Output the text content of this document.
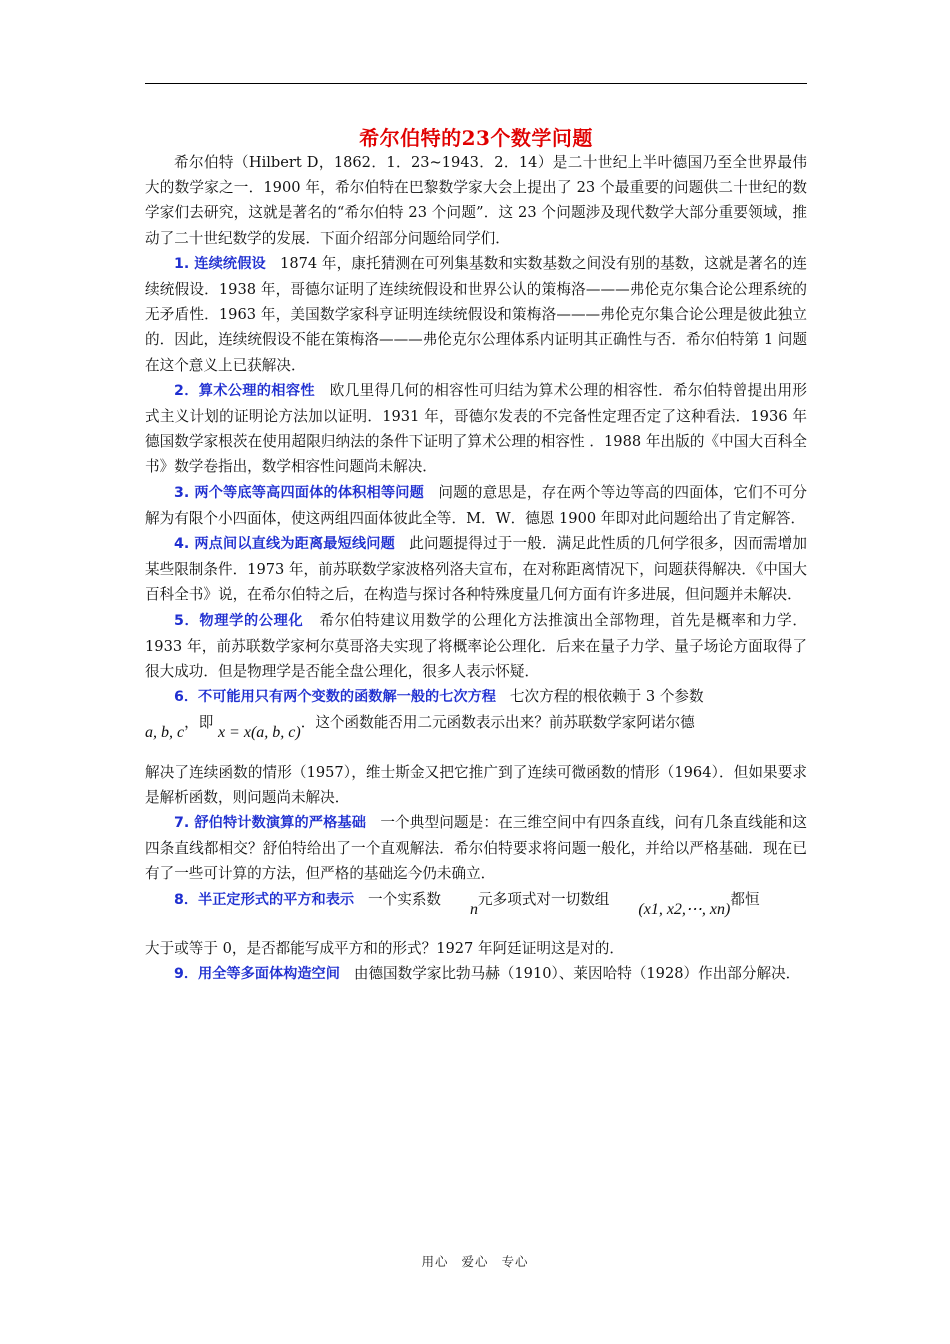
希尔伯特的23个数学问题

希尔伯特（Hilbert D，1862．1．23~1943．2．14）是二十世纪上半叶德国乃至全世界最伟大的数学家之一．1900 年，希尔伯特在巴黎数学家大会上提出了 23 个最重要的问题供二十世纪的数学家们去研究，这就是著名的“希尔伯特 23 个问题”．这 23 个问题涉及现代数学大部分重要领域，推动了二十世纪数学的发展．下面介绍部分问题给同学们．

1. 连续统假设 1874 年，康托猜测在可列集基数和实数基数之间没有别的基数，这就是著名的连续统假设．1938 年，哥德尔证明了连续统假设和世界公认的策梅洛———弗伦克尔集合论公理系统的无矛盾性．1963 年，美国数学家科亨证明连续统假设和策梅洛———弗伦克尔集合论公理是彼此独立的．因此，连续统假设不能在策梅洛———弗伦克尔公理体系内证明其正确性与否．希尔伯特第 1 问题在这个意义上已获解决．

2．算术公理的相容性 欧几里得几何的相容性可归结为算术公理的相容性．希尔伯特曾提出用形式主义计划的证明论方法加以证明．1931 年，哥德尔发表的不完备性定理否定了这种看法．1936 年德国数学家根茨在使用超限归纳法的条件下证明了算术公理的相容性 ．1988 年出版的《中国大百科全书》数学卷指出，数学相容性问题尚未解决．

3. 两个等底等高四面体的体积相等问题 问题的意思是，存在两个等边等高的四面体，它们不可分解为有限个小四面体，使这两组四面体彼此全等．M．W．德恩 1900 年即对此问题给出了肯定解答．

4. 两点间以直线为距离最短线问题 此问题提得过于一般．满足此性质的几何学很多，因而需增加某些限制条件．1973 年，前苏联数学家波格列洛夫宣布，在对称距离情况下，问题获得解决．《中国大百科全书》说，在希尔伯特之后，在构造与探讨各种特殊度量几何方面有许多进展，但问题并未解决．

5．物理学的公理化 希尔伯特建议用数学的公理化方法推演出全部物理，首先是概率和力学．1933 年，前苏联数学家柯尔莫哥洛夫实现了将概率论公理化．后来在量子力学、量子场论方面取得了很大成功．但是物理学是否能全盘公理化，很多人表示怀疑．

6．不可能用只有两个变数的函数解一般的七次方程 七次方程的根依赖于 3 个参数

a, b, c，即 x = x(a, b, c)．这个函数能否用二元函数表示出来？前苏联数学家阿诺尔德

解决了连续函数的情形（1957），维士斯金又把它推广到了连续可微函数的情形（1964）．但如果要求是解析函数，则问题尚未解决．

7. 舒伯特计数演算的严格基础 一个典型问题是：在三维空间中有四条直线，问有几条直线能和这四条直线都相交？舒伯特给出了一个直观解法．希尔伯特要求将问题一般化，并给以严格基础．现在已有了一些可计算的方法，但严格的基础迄今仍未确立．

8．半正定形式的平方和表示 一个实系数n元多项式对一切数组(x1, x2,⋯, xn)都恒

大于或等于 0，是否都能写成平方和的形式？1927 年阿廷证明这是对的．

9．用全等多面体构造空间 由德国数学家比勃马赫（1910）、莱因哈特（1928）作出部分解决．

用心 爱心 专心
